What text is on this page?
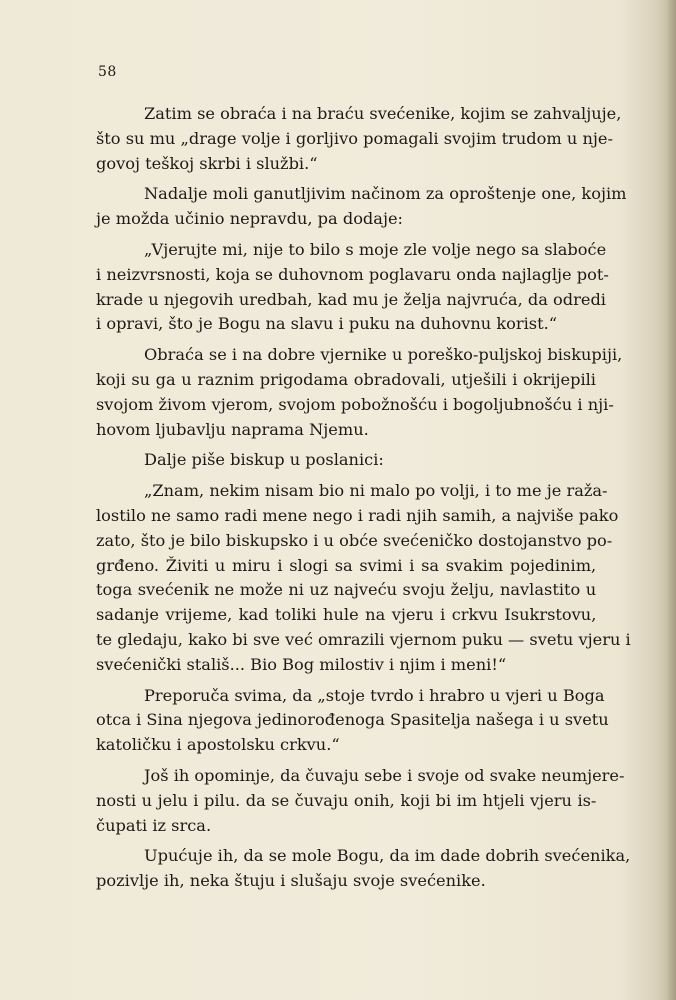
58

Zatim se obraća i na braću svećenike, kojim se zahvaljuje,
što su mu „drage volje i gorljivo pomagali svojim trudom u nje-
govoj teškoj skrbi i službi.“

Nadalje moli ganutljivim načinom za oproštenje one, kojim
je možda učinio nepravdu, pa dodaje:

„Vjerujte mi, nije to bilo s moje zle volje nego sa slaboće
i neizvrsnosti, koja se duhovnom poglavaru onda najlaglje pot-
krade u njegovih uredbah, kad mu je želja najvruća, da odredi
i opravi, što je Bogu na slavu i puku na duhovnu korist.“

Obraća se i na dobre vjernike u poreško-puljskoj biskupiji,
koji su ga u raznim prigodama obradovali, utješili i okrijepili
svojom živom vjerom, svojom pobožnošću i bogoljubnošću i nji-
hovom ljubavlju naprama Njemu.

Dalje piše biskup u poslanici:

„Znam, nekim nisam bio ni malo po volji, i to me je raža-
lostilo ne samo radi mene nego i radi njih samih, a najviše pako
zato, što je bilo biskupsko i u obće svećeničko dostojanstvo po-
grđeno. Živiti u miru i slogi sa svimi i sa svakim pojedinim,
toga svećenik ne može ni uz najveću svoju želju, navlastito u
sadanje vrijeme, kad toliki hule na vjeru i crkvu Isukrstovu,
te gledaju, kako bi sve već omrazili vjernom puku — svetu vjeru i
svećenički stališ... Bio Bog milostiv i njim i meni!“

Preporuča svima, da „stoje tvrdo i hrabro u vjeri u Boga
otca i Sina njegova jedinorođenoga Spasitelja našega i u svetu
katoličku i apostolsku crkvu.“

Još ih opominje, da čuvaju sebe i svoje od svake neumjere-
nosti u jelu i pilu. da se čuvaju onih, koji bi im htjeli vjeru is-
čupati iz srca.

Upućuje ih, da se mole Bogu, da im dade dobrih svećenika,
pozivlje ih, neka štuju i slušaju svoje svećenike.
